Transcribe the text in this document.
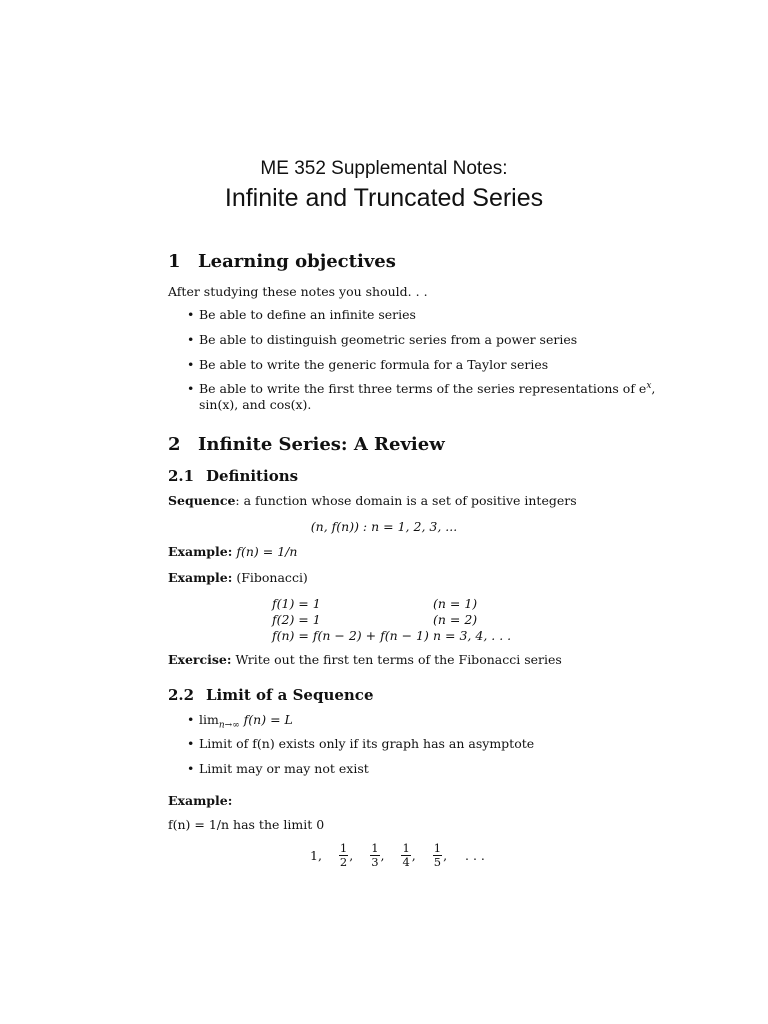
ME 352 Supplemental Notes:
Infinite and Truncated Series
1 Learning objectives
After studying these notes you should. . .
• Be able to define an infinite series
• Be able to distinguish geometric series from a power series
• Be able to write the generic formula for a Taylor series
• Be able to write the first three terms of the series representations of $e^x$,
sin(x), and cos(x).
2 Infinite Series: A Review
2.1 Definitions
Sequence: a function whose domain is a set of positive integers
(n, f(n)) : n = 1, 2, 3, ...
Example: f(n) = 1/n
Example: (Fibonacci)
f(1) = 1	(n = 1)
f(2) = 1	(n = 2)
f(n) = f(n − 2) + f(n − 1) n = 3, 4, . . .
Exercise: Write out the first ten terms of the Fibonacci series
2.2 Limit of a Sequence
• $\lim_{n\to\infty} f(n) = L$
• Limit of f(n) exists only if its graph has an asymptote
• Limit may or may not exist
Example:
f(n) = 1/n has the limit 0
1, $\frac{1}{2}$ , $\frac{1}{3}$ , $\frac{1}{4}$ , $\frac{1}{5}$ , . . .
